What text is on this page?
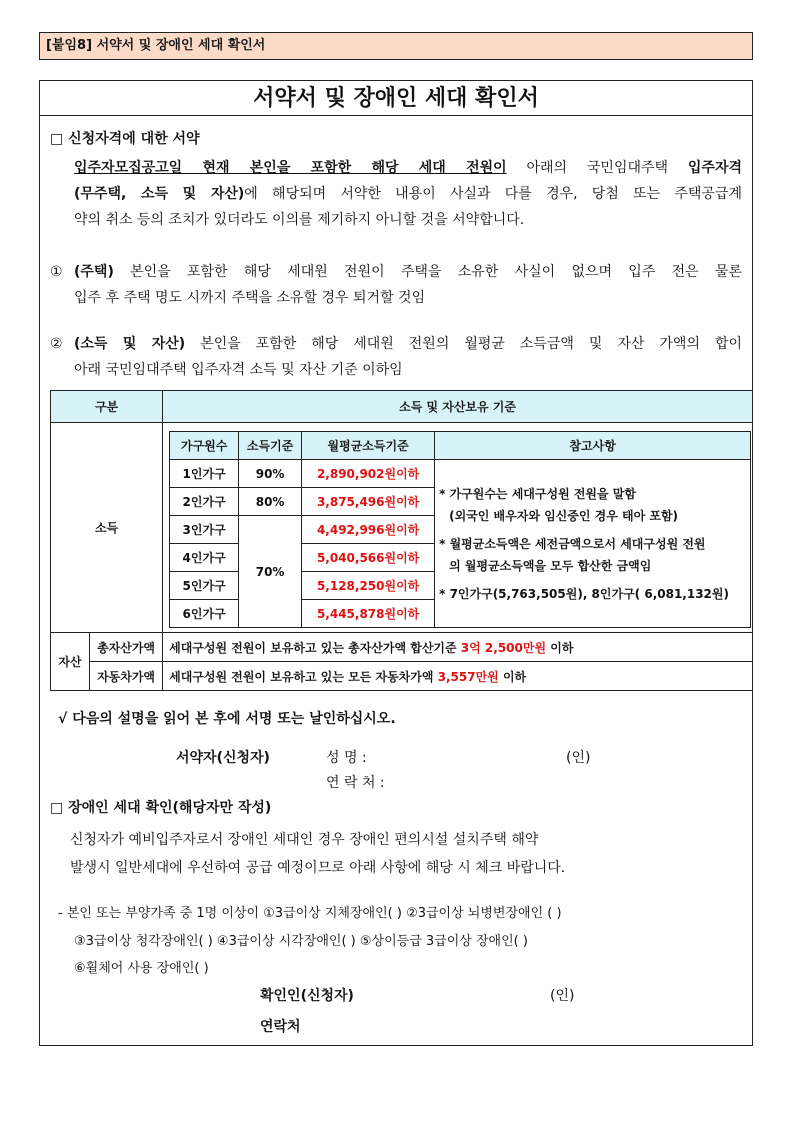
[붙임8] 서약서 및 장애인 세대 확인서
서약서 및 장애인 세대 확인서
□ 신청자격에 대한 서약
입주자모집공고일 현재 본인을 포함한 해당 세대 전원이 아래의 국민임대주택 입주자격
(무주택, 소득 및 자산)에 해당되며 서약한 내용이 사실과 다를 경우, 당첨 또는 주택공급계
약의 취소 등의 조치가 있더라도 이의를 제기하지 아니할 것을 서약합니다.
① (주택) 본인을 포함한 해당 세대원 전원이 주택을 소유한 사실이 없으며 입주 전은 물론
입주 후 주택 명도 시까지 주택을 소유할 경우 퇴거할 것임
② (소득 및 자산) 본인을 포함한 해당 세대원 전원의 월평균 소득금액 및 자산 가액의 합이
아래 국민임대주택 입주자격 소득 및 자산 기준 이하임
구분	소득 및 자산보유 기준
소득	
가구원수	소득기준	월평균소득기준	참고사항
1인가구	90%	2,890,902원이하	
* 가구원수는 세대구성원 전원을 말함
(외국인 배우자와 임신중인 경우 태아 포함)
* 월평균소득액은 세전금액으로서 세대구성원 전원
의 월평균소득액을 모두 합산한 금액임
* 7인가구(5,763,505원), 8인가구( 6,081,132원)

2인가구	80%	3,875,496원이하
3인가구	70%	4,492,996원이하
4인가구	5,040,566원이하
5인가구	5,128,250원이하
6인가구	5,445,878원이하

자산	총자산가액	세대구성원 전원이 보유하고 있는 총자산가액 합산기준 3억 2,500만원 이하
자동차가액	세대구성원 전원이 보유하고 있는 모든 자동차가액 3,557만원 이하
√ 다음의 설명을 읽어 본 후에 서명 또는 날인하십시오.
서약자(신청자)	성 명 :	(인)
연 락 처 :
□ 장애인 세대 확인(해당자만 작성)
신청자가 예비입주자로서 장애인 세대인 경우 장애인 편의시설 설치주택 해약
발생시 일반세대에 우선하여 공급 예정이므로 아래 사항에 해당 시 체크 바랍니다.
- 본인 또는 부양가족 중 1명 이상이 ①3급이상 지체장애인( ) ②3급이상 뇌병변장애인 ( )
③3급이상 청각장애인( ) ④3급이상 시각장애인( ) ⑤상이등급 3급이상 장애인( )
⑥휠체어 사용 장애인( )
확인인(신청자)	(인)
연락처
